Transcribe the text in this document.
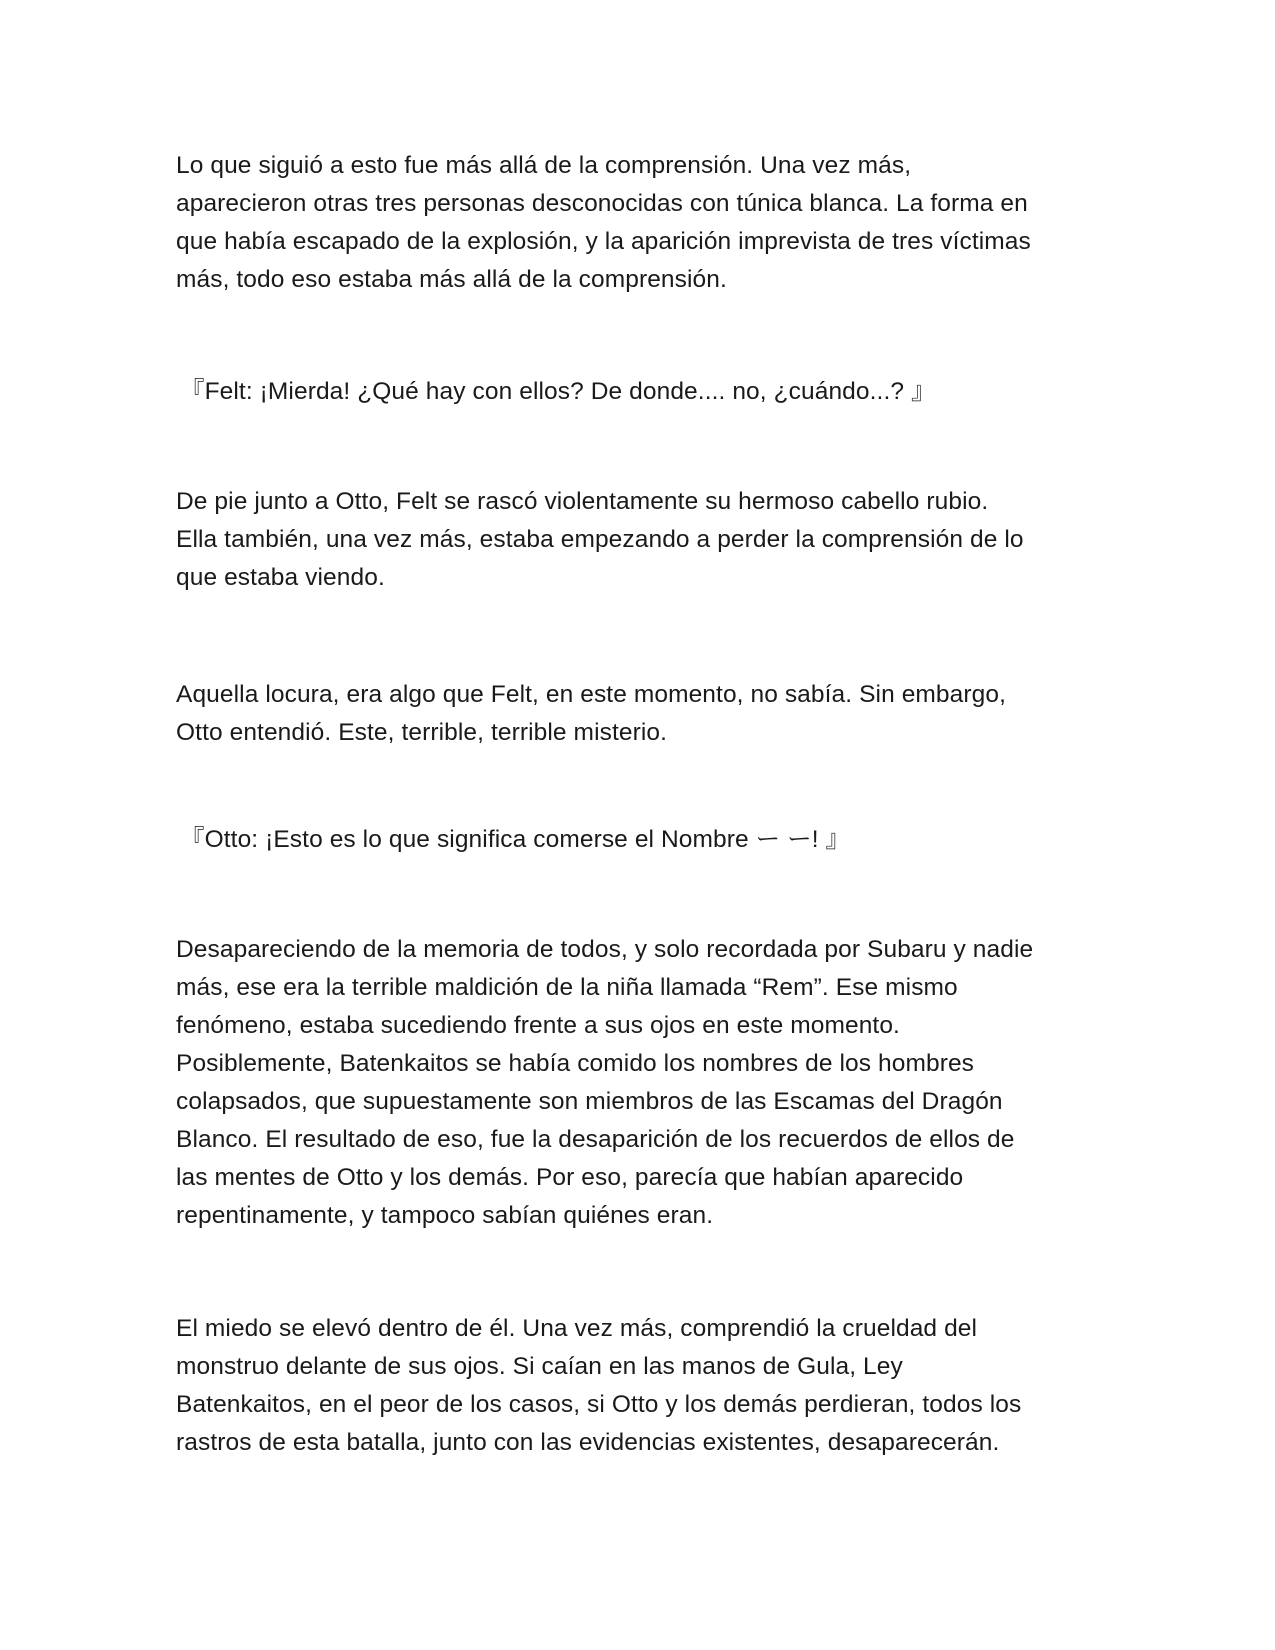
Lo que siguió a esto fue más allá de la comprensión. Una vez más,
aparecieron otras tres personas desconocidas con túnica blanca. La forma en
que había escapado de la explosión, y la aparición imprevista de tres víctimas
más, todo eso estaba más allá de la comprensión.

『Felt: ¡Mierda! ¿Qué hay con ellos? De donde.... no, ¿cuándo...? 』

De pie junto a Otto, Felt se rascó violentamente su hermoso cabello rubio.
Ella también, una vez más, estaba empezando a perder la comprensión de lo
que estaba viendo.

Aquella locura, era algo que Felt, en este momento, no sabía. Sin embargo,
Otto entendió. Este, terrible, terrible misterio.

『Otto: ¡Esto es lo que significa comerse el Nombre ー ー! 』

Desapareciendo de la memoria de todos, y solo recordada por Subaru y nadie
más, ese era la terrible maldición de la niña llamada “Rem”. Ese mismo
fenómeno, estaba sucediendo frente a sus ojos en este momento.
Posiblemente, Batenkaitos se había comido los nombres de los hombres
colapsados, que supuestamente son miembros de las Escamas del Dragón
Blanco. El resultado de eso, fue la desaparición de los recuerdos de ellos de
las mentes de Otto y los demás. Por eso, parecía que habían aparecido
repentinamente, y tampoco sabían quiénes eran.

El miedo se elevó dentro de él. Una vez más, comprendió la crueldad del
monstruo delante de sus ojos. Si caían en las manos de Gula, Ley
Batenkaitos, en el peor de los casos, si Otto y los demás perdieran, todos los
rastros de esta batalla, junto con las evidencias existentes, desaparecerán.
